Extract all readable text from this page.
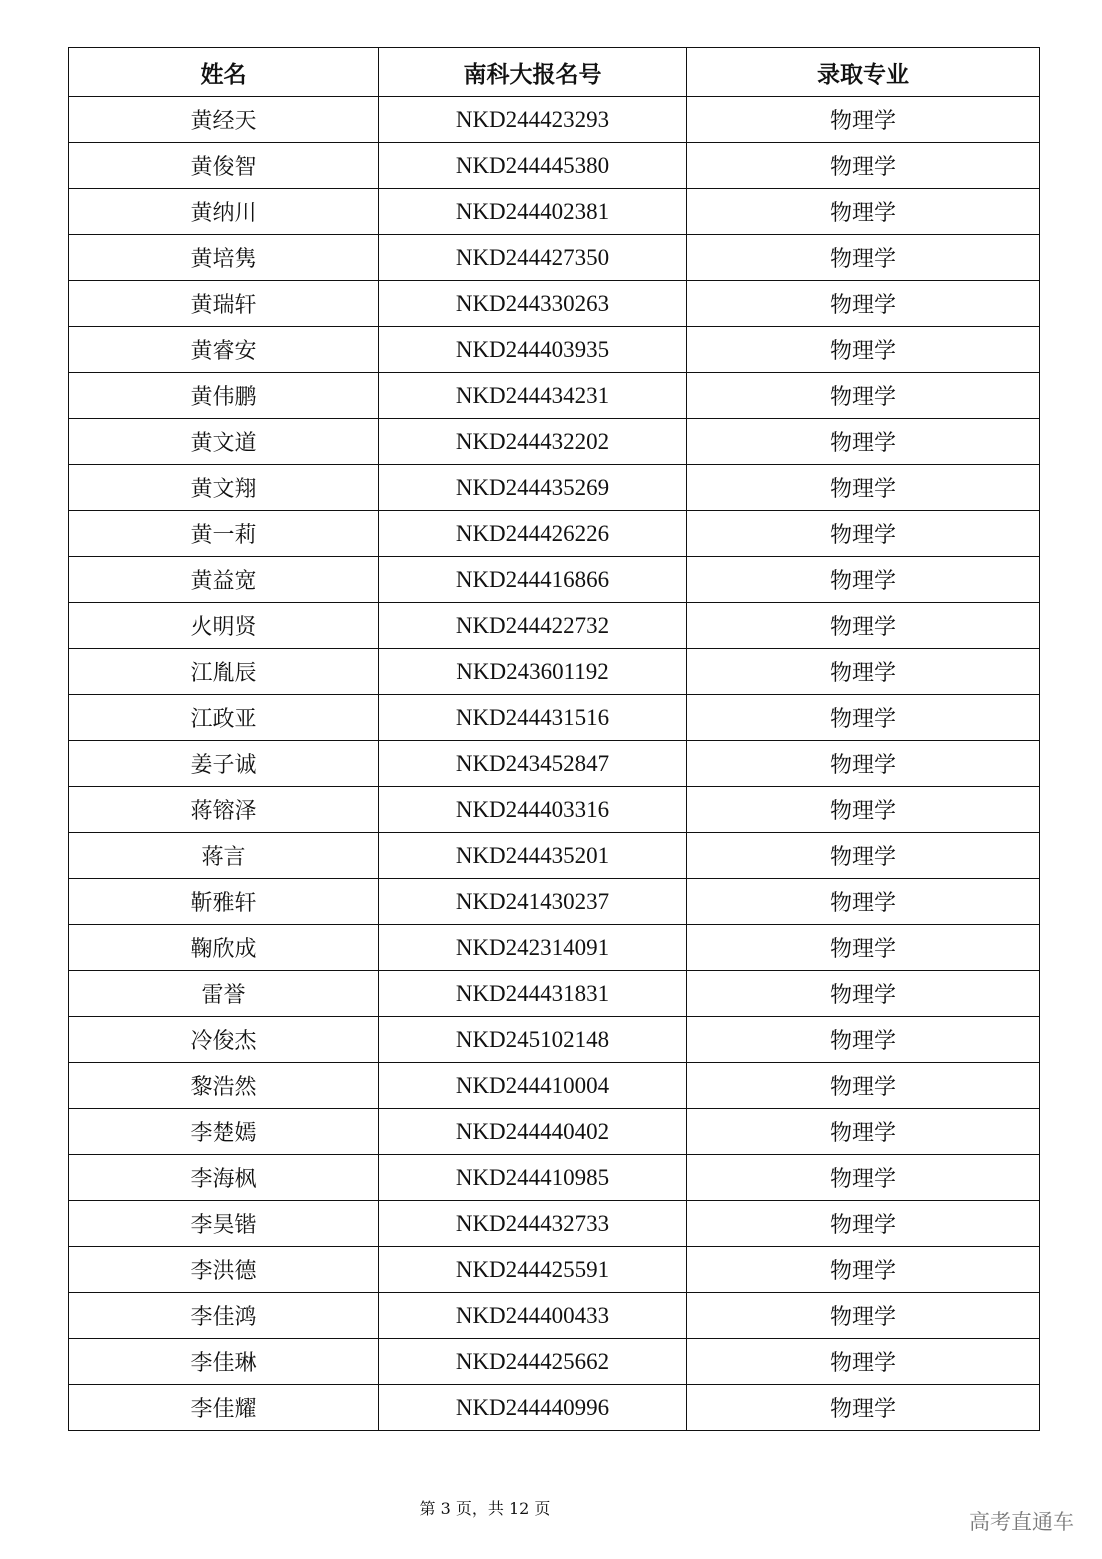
姓名	南科大报名号	录取专业
黄经天	NKD244423293	物理学
黄俊智	NKD244445380	物理学
黄纳川	NKD244402381	物理学
黄培隽	NKD244427350	物理学
黄瑞轩	NKD244330263	物理学
黄睿安	NKD244403935	物理学
黄伟鹏	NKD244434231	物理学
黄文道	NKD244432202	物理学
黄文翔	NKD244435269	物理学
黄一莉	NKD244426226	物理学
黄益宽	NKD244416866	物理学
火明贤	NKD244422732	物理学
江胤辰	NKD243601192	物理学
江政亚	NKD244431516	物理学
姜子诚	NKD243452847	物理学
蒋镕泽	NKD244403316	物理学
蒋言	NKD244435201	物理学
靳雅轩	NKD241430237	物理学
鞠欣成	NKD242314091	物理学
雷誉	NKD244431831	物理学
冷俊杰	NKD245102148	物理学
黎浩然	NKD244410004	物理学
李楚嫣	NKD244440402	物理学
李海枫	NKD244410985	物理学
李昊锴	NKD244432733	物理学
李洪德	NKD244425591	物理学
李佳鸿	NKD244400433	物理学
李佳琳	NKD244425662	物理学
李佳耀	NKD244440996	物理学
第 3 页，共 12 页
高考直通车
